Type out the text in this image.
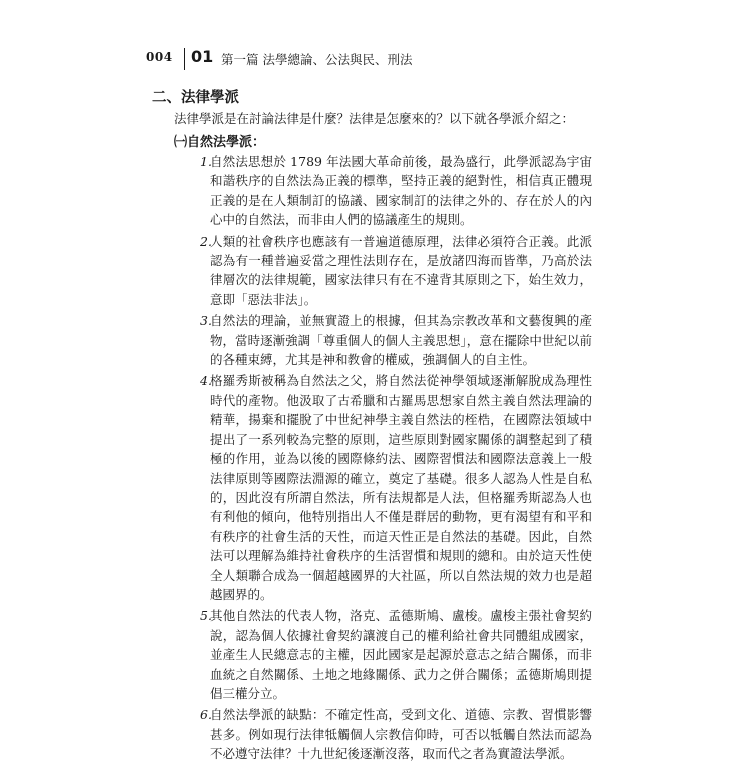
004 01 第一篇 法學總論、公法與民、刑法
二、法律學派
法律學派是在討論法律是什麼？法律是怎麼來的？以下就各學派介紹之：
㈠自然法學派：
1.
自然法思想於 1789 年法國大革命前後，最為盛行，此學派認為宇宙和諧秩序的自然法為正義的標準，堅持正義的絕對性，相信真正體現正義的是在人類制訂的協議、國家制訂的法律之外的、存在於人的內心中的自然法，而非由人們的協議產生的規則。
2.
人類的社會秩序也應該有一普遍道德原理，法律必須符合正義。此派認為有一種普遍妥當之理性法則存在，是放諸四海而皆準，乃高於法律層次的法律規範，國家法律只有在不違背其原則之下，始生效力，意即「惡法非法」。
3.
自然法的理論，並無實證上的根據，但其為宗教改革和文藝復興的產物，當時逐漸強調「尊重個人的個人主義思想」，意在擺除中世紀以前的各種束縛，尤其是神和教會的權威，強調個人的自主性。
4.
格羅秀斯被稱為自然法之父，將自然法從神學領域逐漸解脫成為理性時代的產物。他汲取了古希臘和古羅馬思想家自然主義自然法理論的精華，揚棄和擺脫了中世紀神學主義自然法的桎梏，在國際法領域中提出了一系列較為完整的原則，這些原則對國家關係的調整起到了積極的作用，並為以後的國際條約法、國際習慣法和國際法意義上一般法律原則等國際法淵源的確立，奠定了基礎。很多人認為人性是自私的，因此沒有所謂自然法，所有法規都是人法，但格羅秀斯認為人也有利他的傾向，他特別指出人不僅是群居的動物，更有渴望有和平和有秩序的社會生活的天性，而這天性正是自然法的基礎。因此，自然法可以理解為維持社會秩序的生活習慣和規則的總和。由於這天性使全人類聯合成為一個超越國界的大社區，所以自然法規的效力也是超越國界的。
5.
其他自然法的代表人物，洛克、孟德斯鳩、盧梭。盧梭主張社會契約說，認為個人依據社會契約讓渡自己的權利給社會共同體組成國家，並產生人民總意志的主權，因此國家是起源於意志之結合關係，而非血統之自然關係、土地之地緣關係、武力之併合關係；孟德斯鳩則提倡三權分立。
6.
自然法學派的缺點：不確定性高，受到文化、道德、宗教、習慣影響甚多。例如現行法律牴觸個人宗教信仰時，可否以牴觸自然法而認為不必遵守法律？十九世紀後逐漸沒落，取而代之者為實證法學派。
